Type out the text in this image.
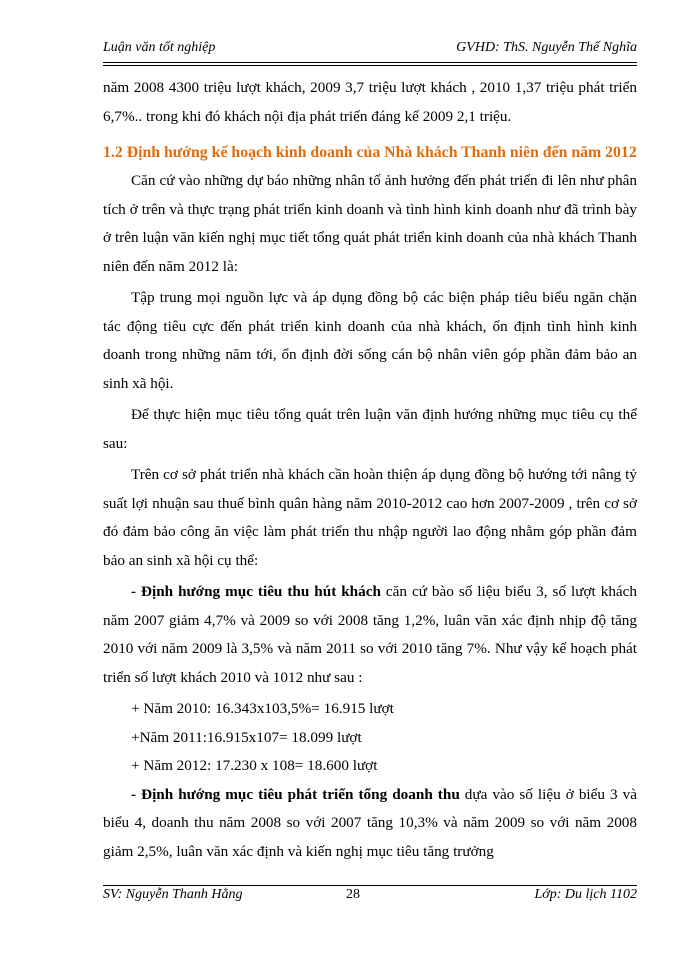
Luận văn tốt nghiệp	GVHD: ThS. Nguyễn Thế Nghĩa

năm 2008 4300 triệu lượt khách, 2009 3,7 triệu lượt khách , 2010 1,37 triệu phát triển 6,7%.. trong khi đó khách nội địa phát triển đáng kể 2009 2,1 triệu.

1.2 Định hướng kế hoạch kinh doanh của Nhà khách Thanh niên đến năm 2012

Căn cứ vào những dự báo những nhân tố ảnh hưởng đến phát triển đi lên như phân tích ở trên và thực trạng phát triển kinh doanh và tình hình kinh doanh như đã trình bày ở trên luận văn kiến nghị mục tiết tổng quát phát triển kinh doanh của nhà khách Thanh niên đến năm 2012 là:

Tập trung mọi nguồn lực và áp dụng đồng bộ các biện pháp tiêu biểu ngăn chặn tác động tiêu cực đến phát triển kinh doanh của nhà khách, ổn định tình hình kinh doanh trong những năm tới, ổn định đời sống cán bộ nhân viên góp phần đảm bảo an sinh xã hội.

Để thực hiện mục tiêu tổng quát trên luận văn định hướng những mục tiêu cụ thể sau:

Trên cơ sở phát triển nhà khách cần hoàn thiện áp dụng đồng bộ hướng tới nâng tỷ suất lợi nhuận sau thuế bình quân hàng năm 2010-2012 cao hơn 2007-2009 , trên cơ sở đó đảm bảo công ăn việc làm phát triển thu nhập người lao động nhằm góp phần đảm bảo an sinh xã hội cụ thể:

- Định hướng mục tiêu thu hút khách căn cứ bào số liệu biểu 3, số lượt khách năm 2007 giảm 4,7% và 2009 so với 2008 tăng 1,2%, luân văn xác định nhịp độ tăng 2010 với năm 2009 là 3,5% và năm 2011 so với 2010 tăng 7%. Như vậy kế hoạch phát triển số lượt khách 2010 và 1012 như sau :

+ Năm 2010: 16.343x103,5%= 16.915 lượt

+Năm 2011:16.915x107= 18.099 lượt

+ Năm 2012: 17.230 x 108= 18.600 lượt

- Định hướng mục tiêu phát triển tổng doanh thu dựa vào số liệu ở biểu 3 và biểu 4, doanh thu năm 2008 so với 2007 tăng 10,3% và năm 2009 so với năm 2008 giảm 2,5%, luân văn xác định và kiến nghị mục tiêu tăng trưởng

SV: Nguyễn Thanh Hằng	28	Lớp: Du lịch 1102
